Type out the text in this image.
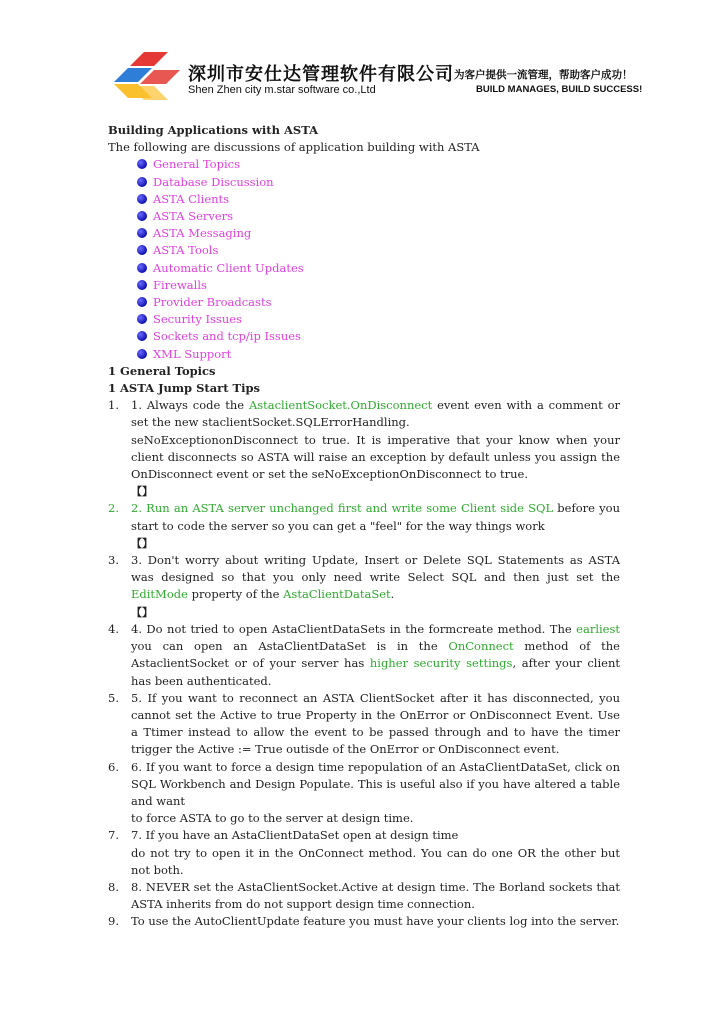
深圳市安仕达管理软件有限公司
Shen Zhen city m.star software co.,Ltd
为客户提供一流管理，帮助客户成功！
BUILD MANAGES, BUILD SUCCESS!
Building Applications with ASTA
The following are discussions of application building with ASTA
General Topics
Database Discussion
ASTA Clients
ASTA Servers
ASTA Messaging
ASTA Tools
Automatic Client Updates
Firewalls
Provider Broadcasts
Security Issues
Sockets and tcp/ip Issues
XML Support
1 General Topics
1 ASTA Jump Start Tips
1. 1. Always code the AstaclientSocket.OnDisconnect event even with a comment or set the new staclientSocket.SQLErrorHandling.

seNoExceptiononDisconnect to true. It is imperative that your know when your client disconnects so ASTA will raise an exception by default unless you assign the OnDisconnect event or set the seNoExceptionOnDisconnect to true.

【】

2. 2. Run an ASTA server unchanged first and write some Client side SQL before you start to code the server so you can get a "feel" for the way things work

【】

3. 3. Don't worry about writing Update, Insert or Delete SQL Statements as ASTA was designed so that you only need write Select SQL and then just set the EditMode property of the AstaClientDataSet.

【】

4. 4. Do not tried to open AstaClientDataSets in the formcreate method. The earliest you can open an AstaClientDataSet is in the OnConnect method of the AstaclientSocket or of your server has higher security settings, after your client has been authenticated.

5. 5. If you want to reconnect an ASTA ClientSocket after it has disconnected, you cannot set the Active to true Property in the OnError or OnDisconnect Event. Use a Ttimer instead to allow the event to be passed through and to have the timer trigger the Active := True outisde of the OnError or OnDisconnect event.

6. 6. If you want to force a design time repopulation of an AstaClientDataSet, click on SQL Workbench and Design Populate. This is useful also if you have altered a table and want

to force ASTA to go to the server at design time.

7. 7. If you have an AstaClientDataSet open at design time

do not try to open it in the OnConnect method. You can do one OR the other but not both.

8. 8. NEVER set the AstaClientSocket.Active at design time. The Borland sockets that ASTA inherits from do not support design time connection.

9. To use the AutoClientUpdate feature you must have your clients log into the server.
